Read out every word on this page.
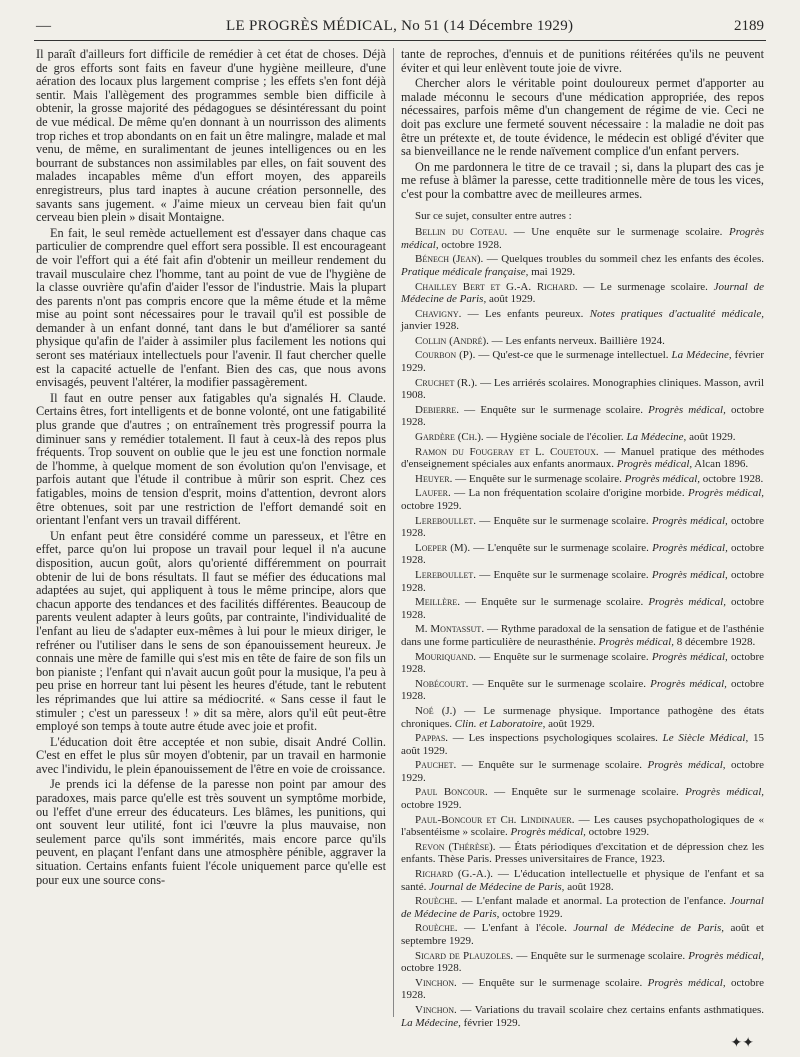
—	LE PROGRÈS MÉDICAL, No 51 (14 Décembre 1929)	2189

Il paraît d'ailleurs fort difficile de remédier à cet état de choses. Déjà de gros efforts sont faits en faveur d'une hygiène meilleure, d'une aération des locaux plus largement comprise ; les effets s'en font déjà sentir. Mais l'allègement des programmes semble bien difficile à obtenir, la grosse majorité des pédagogues se désintéressant du point de vue médical. De même qu'en donnant à un nourrisson des aliments trop riches et trop abondants on en fait un être malingre, malade et mal venu, de même, en suralimentant de jeunes intelligences ou en les bourrant de substances non assimilables par elles, on fait souvent des malades incapables même d'un effort moyen, des appareils enregistreurs, plus tard inaptes à aucune création personnelle, des savants sans jugement. « J'aime mieux un cerveau bien fait qu'un cerveau bien plein » disait Montaigne.

En fait, le seul remède actuellement est d'essayer dans chaque cas particulier de comprendre quel effort sera possible. Il est encourageant de voir l'effort qui a été fait afin d'obtenir un meilleur rendement du travail musculaire chez l'homme, tant au point de vue de l'hygiène de la classe ouvrière qu'afin d'aider l'essor de l'industrie. Mais la plupart des parents n'ont pas compris encore que la même étude et la même mise au point sont nécessaires pour le travail qu'il est possible de demander à un enfant donné, tant dans le but d'améliorer sa santé physique qu'afin de l'aider à assimiler plus facilement les notions qui seront ses matériaux intellectuels pour l'avenir. Il faut chercher quelle est la capacité actuelle de l'enfant. Bien des cas, que nous avons envisagés, peuvent l'altérer, la modifier passagèrement.

Il faut en outre penser aux fatigables qu'a signalés H. Claude. Certains êtres, fort intelligents et de bonne volonté, ont une fatigabilité plus grande que d'autres ; on entraînement très progressif pourra la diminuer sans y remédier totalement. Il faut à ceux-là des repos plus fréquents. Trop souvent on oublie que le jeu est une fonction normale de l'homme, à quelque moment de son évolution qu'on l'envisage, et parfois autant que l'étude il contribue à mûrir son esprit. Chez ces fatigables, moins de tension d'esprit, moins d'attention, devront alors être obtenues, soit par une restriction de l'effort demandé soit en orientant l'enfant vers un travail différent.

Un enfant peut être considéré comme un paresseux, et l'être en effet, parce qu'on lui propose un travail pour lequel il n'a aucune disposition, aucun goût, alors qu'orienté différemment on pourrait obtenir de lui de bons résultats. Il faut se méfier des éducations mal adaptées au sujet, qui appliquent à tous le même principe, alors que chacun apporte des tendances et des facilités différentes. Beaucoup de parents veulent adapter à leurs goûts, par contrainte, l'individualité de l'enfant au lieu de s'adapter eux-mêmes à lui pour le mieux diriger, le refréner ou l'utiliser dans le sens de son épanouissement heureux. Je connais une mère de famille qui s'est mis en tête de faire de son fils un bon pianiste ; l'enfant qui n'avait aucun goût pour la musique, l'a peu à peu prise en horreur tant lui pèsent les heures d'étude, tant le rebutent les réprimandes que lui attire sa médiocrité. « Sans cesse il faut le stimuler ; c'est un paresseux ! » dit sa mère, alors qu'il eût peut-être employé son temps à toute autre étude avec joie et profit.

L'éducation doit être acceptée et non subie, disait André Collin. C'est en effet le plus sûr moyen d'obtenir, par un travail en harmonie avec l'individu, le plein épanouissement de l'être en voie de croissance.

Je prends ici la défense de la paresse non point par amour des paradoxes, mais parce qu'elle est très souvent un symptôme morbide, ou l'effet d'une erreur des éducateurs. Les blâmes, les punitions, qui ont souvent leur utilité, font ici l'œuvre la plus mauvaise, non seulement parce qu'ils sont immérités, mais encore parce qu'ils peuvent, en plaçant l'enfant dans une atmosphère pénible, aggraver la situation. Certains enfants fuient l'école uniquement parce qu'elle est pour eux une source cons-

tante de reproches, d'ennuis et de punitions réitérées qu'ils ne peuvent éviter et qui leur enlèvent toute joie de vivre.

Chercher alors le véritable point douloureux permet d'apporter au malade méconnu le secours d'une médication appropriée, des repos nécessaires, parfois même d'un changement de régime de vie. Ceci ne doit pas exclure une fermeté souvent nécessaire : la maladie ne doit pas être un prétexte et, de toute évidence, le médecin est obligé d'éviter que sa bienveillance ne le rende naïvement complice d'un enfant pervers.

On me pardonnera le titre de ce travail ; si, dans la plupart des cas je me refuse à blâmer la paresse, cette traditionnelle mère de tous les vices, c'est pour la combattre avec de meilleures armes.

Sur ce sujet, consulter entre autres :
Bellin du Coteau. — Une enquête sur le surmenage scolaire. Progrès médical, octobre 1928.
Bénech (Jean). — Quelques troubles du sommeil chez les enfants des écoles. Pratique médicale française, mai 1929.
Chailley Bert et G.-A. Richard. — Le surmenage scolaire. Journal de Médecine de Paris, août 1929.
Chavigny. — Les enfants peureux. Notes pratiques d'actualité médicale, janvier 1928.
Collin (André). — Les enfants nerveux. Baillière 1924.
Courbon (P). — Qu'est-ce que le surmenage intellectuel. La Médecine, février 1929.
Cruchet (R.). — Les arriérés scolaires. Monographies cliniques. Masson, avril 1908.
Debierre. — Enquête sur le surmenage scolaire. Progrès médical, octobre 1928.
Gardère (Ch.). — Hygiène sociale de l'écolier. La Médecine, août 1929.
Ramon du Fougeray et L. Couetoux. — Manuel pratique des méthodes d'enseignement spéciales aux enfants anormaux. Progrès médical, Alcan 1896.
Heuyer. — Enquête sur le surmenage scolaire. Progrès médical, octobre 1928.
Laufer. — La non fréquentation scolaire d'origine morbide. Progrès médical, octobre 1929.
Lereboullet. — Enquête sur le surmenage scolaire. Progrès médical, octobre 1928.
Loeper (M). — L'enquête sur le surmenage scolaire. Progrès médical, octobre 1928.
Lereboullet. — Enquête sur le surmenage scolaire. Progrès médical, octobre 1928.
Meillère. — Enquête sur le surmenage scolaire. Progrès médical, octobre 1928.
M. Montassut. — Rythme paradoxal de la sensation de fatigue et de l'asthénie dans une forme particulière de neurasthénie. Progrès médical, 8 décembre 1928.
Mouriquand. — Enquête sur le surmenage scolaire. Progrès médical, octobre 1928.
Nobécourt. — Enquête sur le surmenage scolaire. Progrès médical, octobre 1928.
Noé (J.) — Le surmenage physique. Importance pathogène des états chroniques. Clin. et Laboratoire, août 1929.
Pappas. — Les inspections psychologiques scolaires. Le Siècle Médical, 15 août 1929.
Pauchet. — Enquête sur le surmenage scolaire. Progrès médical, octobre 1929.
Paul Boncour. — Enquête sur le surmenage scolaire. Progrès médical, octobre 1929.
Paul-Boncour et Ch. Lindinauer. — Les causes psychopathologiques de « l'absentéisme » scolaire. Progrès médical, octobre 1929.
Revon (Thérèse). — États périodiques d'excitation et de dépression chez les enfants. Thèse Paris. Presses universitaires de France, 1923.
Richard (G.-A.). — L'éducation intellectuelle et physique de l'enfant et sa santé. Journal de Médecine de Paris, août 1928.
Rouèche. — L'enfant malade et anormal. La protection de l'enfance. Journal de Médecine de Paris, octobre 1929.
Rouèche. — L'enfant à l'école. Journal de Médecine de Paris, août et septembre 1929.
Sicard de Plauzoles. — Enquête sur le surmenage scolaire. Progrès médical, octobre 1928.
Vinchon. — Enquête sur le surmenage scolaire. Progrès médical, octobre 1928.
Vinchon. — Variations du travail scolaire chez certains enfants asthmatiques. La Médecine, février 1929.
✦✦
